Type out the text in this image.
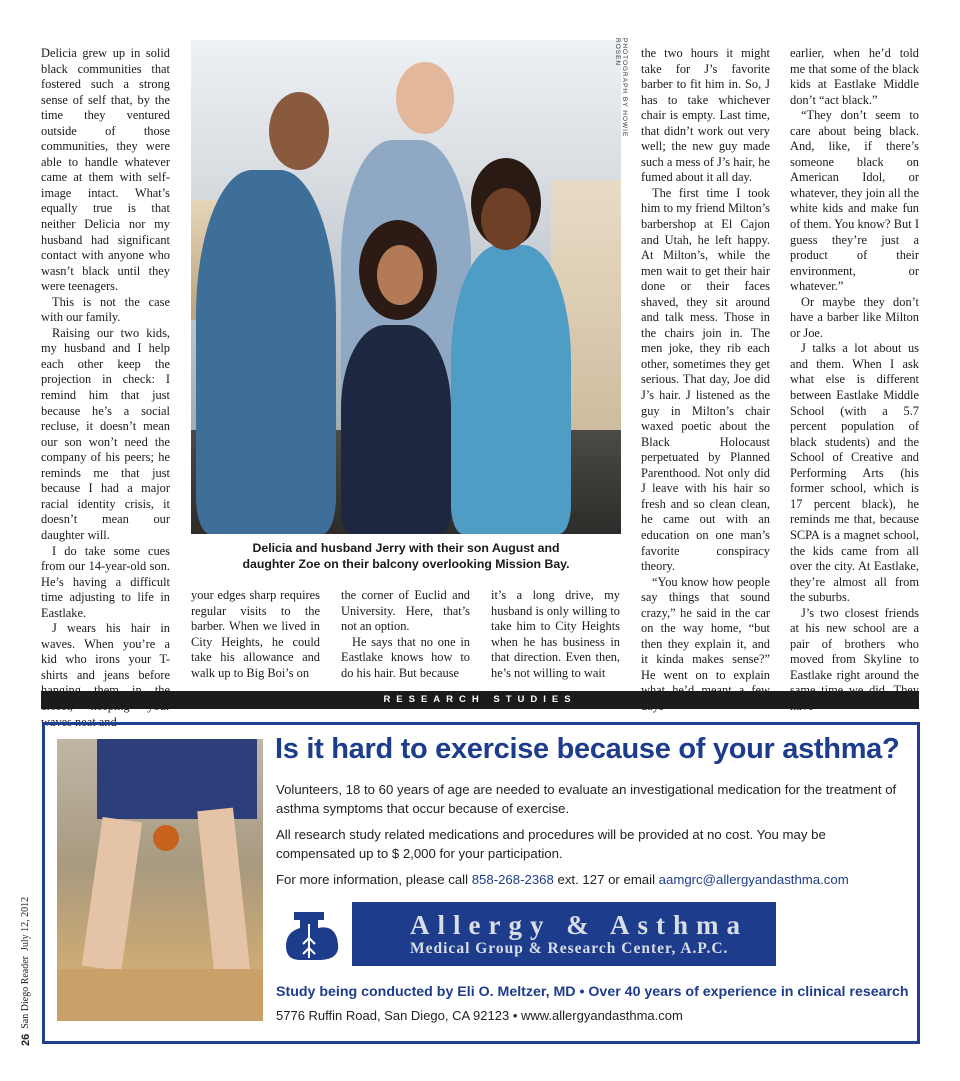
Delicia grew up in solid black communities that fostered such a strong sense of self that, by the time they ventured outside of those communities, they were able to handle whatever came at them with self-image intact. What’s equally true is that neither Delicia nor my husband had significant contact with anyone who wasn’t black until they were teenagers.

This is not the case with our family.

Raising our two kids, my husband and I help each other keep the projection in check: I remind him that just because he’s a social recluse, it doesn’t mean our son won’t need the company of his peers; he reminds me that just because I had a major racial identity crisis, it doesn’t mean our daughter will.

I do take some cues from our 14-year-old son. He’s having a difficult time adjusting to life in Eastlake.

J wears his hair in waves. When you’re a kid who irons your T-shirts and jeans before waves neat and

PHOTOGRAPH BY HOWIE ROSEN
Delicia and husband Jerry with their son August and
daughter Zoe on their balcony overlooking Mission Bay.

your edges sharp requires regular visits to the barber. When we lived in City Heights, he could take his allowance and walk up to Big Boi’s on

the corner of Euclid and University. Here, that’s not an option.

He says that no one in Eastlake knows how to do his hair. But because

it’s a long drive, my husband is only willing to take him to City Heights when he has business in that direction. Even then, he’s not willing to wait

the two hours it might take for J’s favorite barber to fit him in. So, J has to take whichever chair is empty. Last time, that didn’t work out very well; the new guy made such a mess of J’s hair, he fumed about it all day.

The first time I took him to my friend Milton’s barbershop at El Cajon and Utah, he left happy. At Milton’s, while the men wait to get their hair done or their faces shaved, they sit around and talk mess. Those in the chairs join in. The men joke, they rib each other, sometimes they get serious. That day, Joe did J’s hair. J listened as the guy in Milton’s chair waxed poetic about the Black Holocaust perpetuated by Planned Parenthood. Not only did J leave with his hair so fresh and so clean clean, he came out with an education on one man’s favorite conspiracy theory.

“You know how people say things that sound crazy,” he said in the car on the way home, “but then they explain it, and it kinda makes sense?” He went on to explain

earlier, when he’d told me that some of the black kids at Eastlake Middle don’t “act black.”

“They don’t seem to care about being black. And, like, if there’s someone black on American Idol, or whatever, they join all the white kids and make fun of them. You know? But I guess they’re just a product of their environment, or whatever.”

Or maybe they don’t have a barber like Milton or Joe.

J talks a lot about us and them. When I ask what else is different between Eastlake Middle School (with a 5.7 percent population of black students) and the School of Creative and Performing Arts (his former school, which is 17 percent black), he reminds me that, because SCPA is a magnet school, the kids came from all over the city. At Eastlake, they’re almost all from the suburbs.

J’s two closest friends at his new school are a pair of brothers who moved from Skyline to Eastlake right around the

RESEARCH STUDIES
Is it hard to exercise because of your asthma?
Volunteers, 18 to 60 years of age are needed to evaluate an investigational medication for the treatment of asthma symptoms that occur because of exercise.
All research study related medications and procedures will be provided at no cost. You may be compensated up to $ 2,000 for your participation.
For more information, please call 858-268-2368 ext. 127 or email aamgrc@allergyandasthma.com
Allergy & Asthma
Medical Group & Research Center, A.P.C.
Study being conducted by Eli O. Meltzer, MD • Over 40 years of experience in clinical research
5776 Ruffin Road, San Diego, CA 92123 • www.allergyandasthma.com
26  San Diego Reader  July 12, 2012
